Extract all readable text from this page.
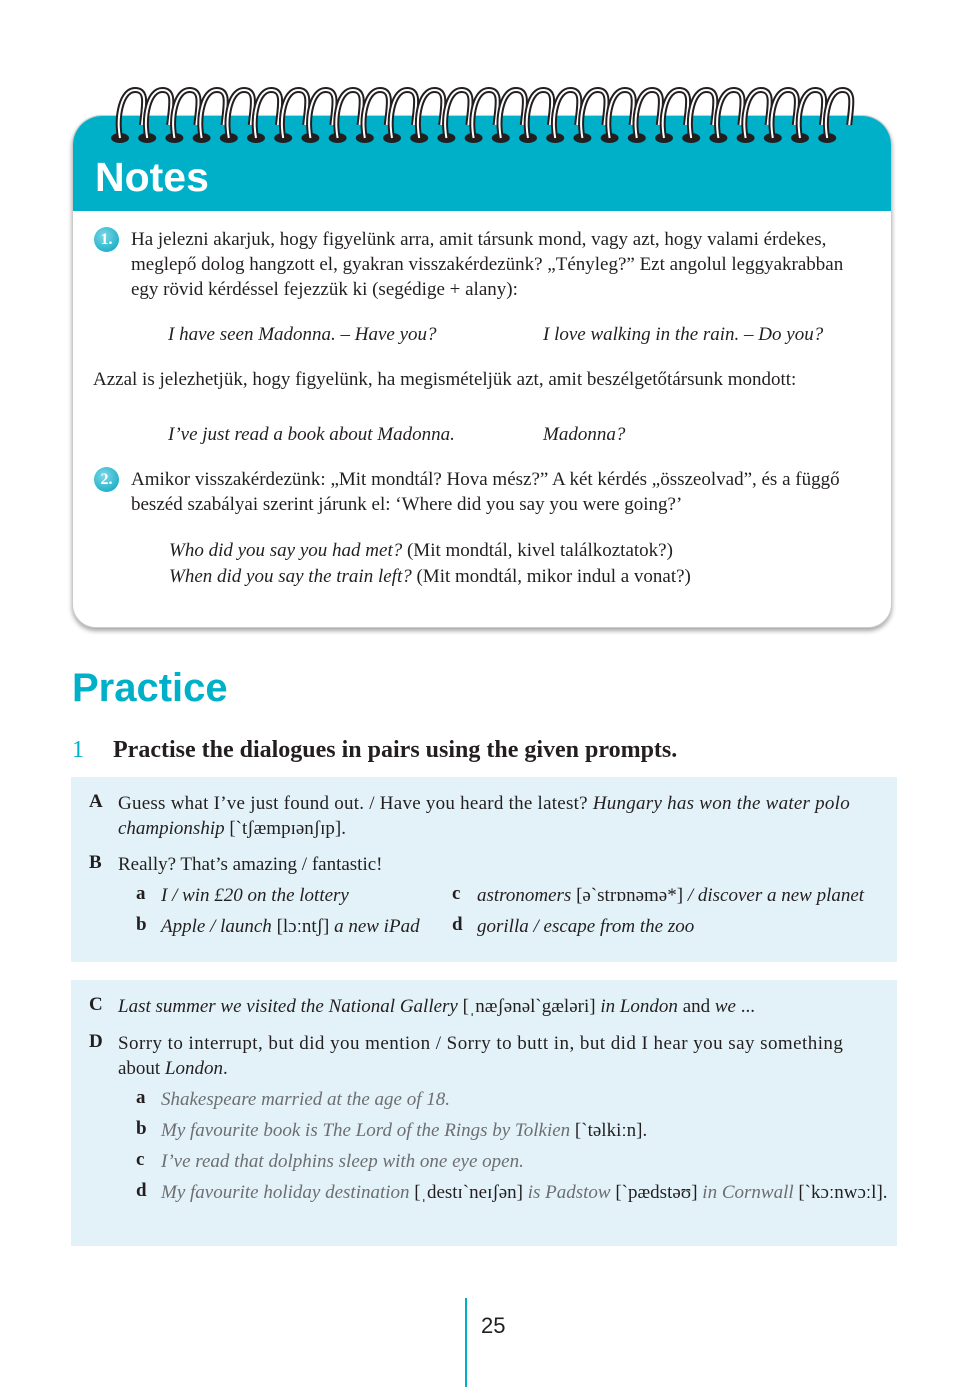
Notes
1. Ha jelezni akarjuk, hogy figyelünk arra, amit társunk mond, vagy azt, hogy valami érdekes,
meglepő dolog hangzott el, gyakran visszakérdezünk? „Tényleg?” Ezt angolul leggyakrabban
egy rövid kérdéssel fejezzük ki (segédige + alany):
I have seen Madonna. – Have you?	I love walking in the rain. – Do you?
Azzal is jelezhetjük, hogy figyelünk, ha megismételjük azt, amit beszélgetőtársunk mondott:
I’ve just read a book about Madonna.	Madonna?
2. Amikor visszakérdezünk: „Mit mondtál? Hova mész?” A két kérdés „összeolvad”, és a függő
beszéd szabályai szerint járunk el: ‘Where did you say you were going?’
Who did you say you had met? (Mit mondtál, kivel találkoztatok?)
When did you say the train left? (Mit mondtál, mikor indul a vonat?)
Practice
1 Practise the dialogues in pairs using the given prompts.
A Guess what I’ve just found out. / Have you heard the latest? Hungary has won the water polo
championship [`tʃæmpɪənʃɪp].
B Really? That’s amazing / fantastic!
C Last summer we visited the National Gallery [ˌnæʃənəl`gæləri] in London and we ...
D Sorry to interrupt, but did you mention / Sorry to butt in, but did I hear you say something
about London.
25
a I / win £20 on the lottery
b Apple / launch [lɔːntʃ] a new iPad
c astronomers [ə`strɒnəmə*] / discover a new planet
d gorilla / escape from the zoo
a Shakespeare married at the age of 18.
b My favourite book is The Lord of the Rings by Tolkien [`təlkiːn].
c I’ve read that dolphins sleep with one eye open.
d My favourite holiday destination [ˌdestɪ`neɪʃən] is Padstow [`pædstəʊ] in Cornwall [`kɔːnwɔːl].
